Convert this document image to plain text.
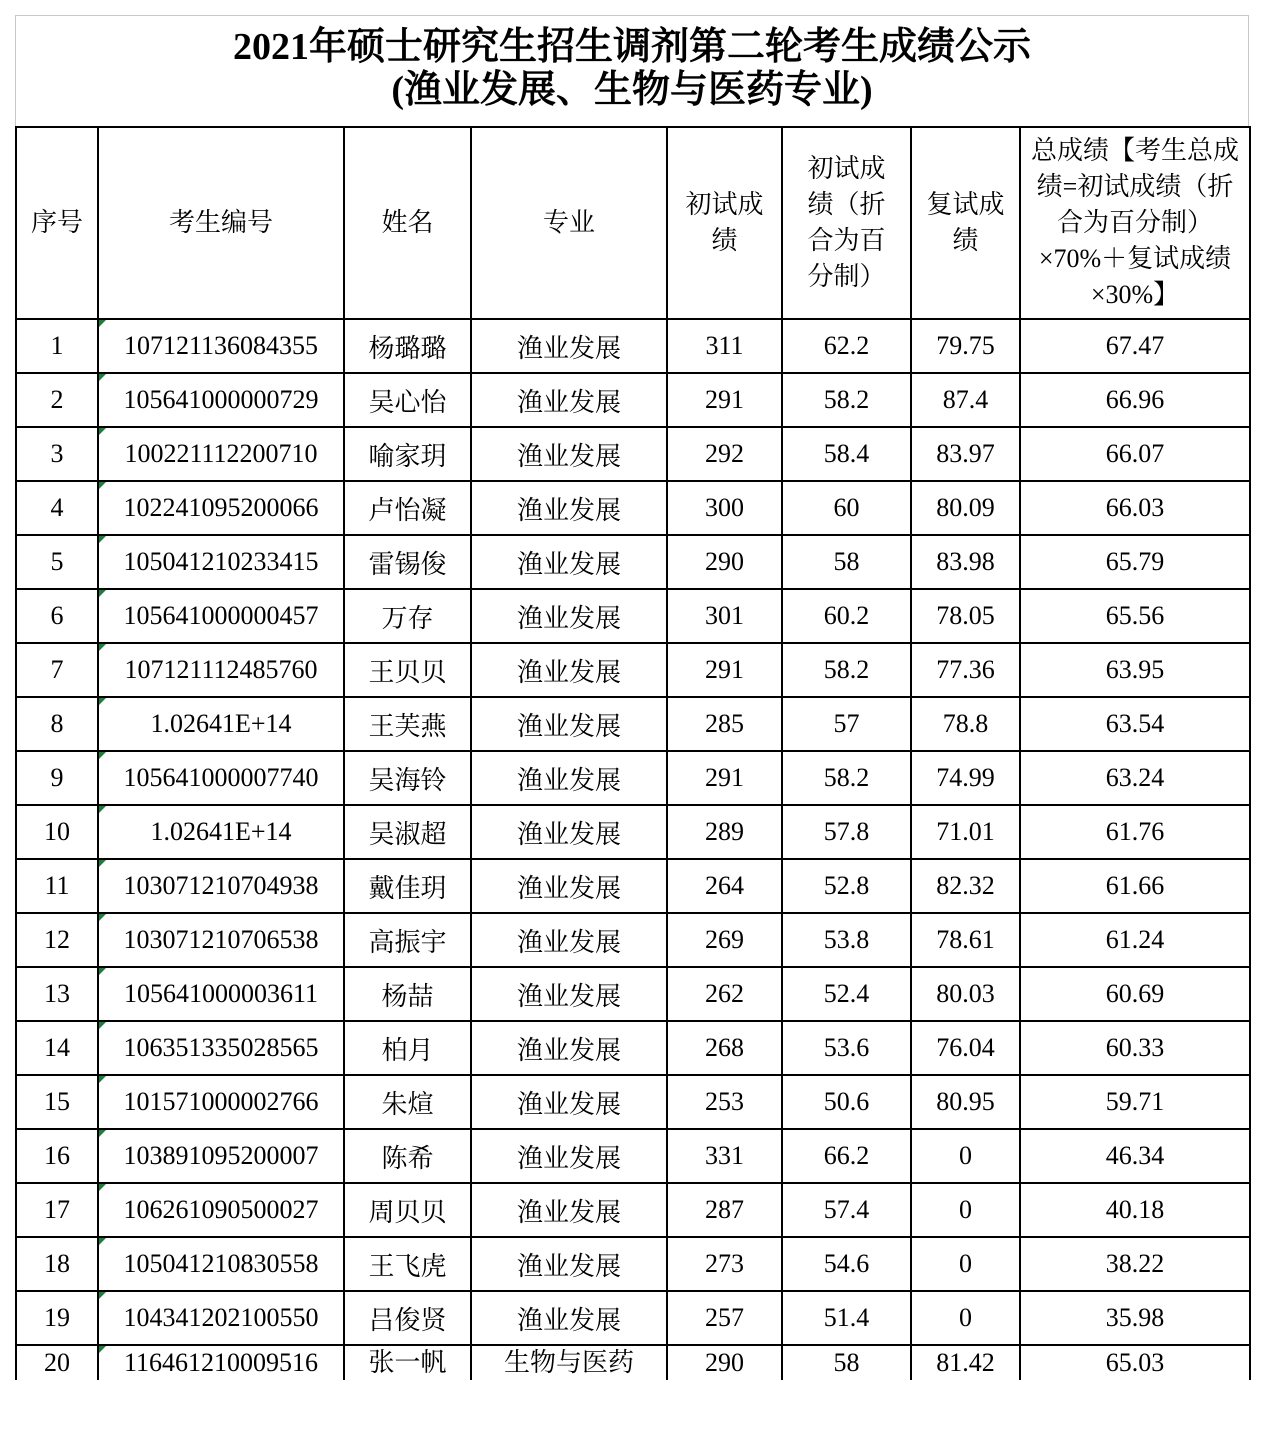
2021年硕士研究生招生调剂第二轮考生成绩公示
(渔业发展、生物与医药专业)
序号	考生编号	姓名	专业	初试成绩	初试成绩（折合为百分制）	复试成绩	总成绩【考生总成绩=初试成绩（折合为百分制）×70%＋复试成绩×30%】
1	107121136084355	杨璐璐	渔业发展	311	62.2	79.75	67.47
2	105641000000729	吴心怡	渔业发展	291	58.2	87.4	66.96
3	100221112200710	喻家玥	渔业发展	292	58.4	83.97	66.07
4	102241095200066	卢怡凝	渔业发展	300	60	80.09	66.03
5	105041210233415	雷锡俊	渔业发展	290	58	83.98	65.79
6	105641000000457	万存	渔业发展	301	60.2	78.05	65.56
7	107121112485760	王贝贝	渔业发展	291	58.2	77.36	63.95
8	1.02641E+14	王芙燕	渔业发展	285	57	78.8	63.54
9	105641000007740	吴海铃	渔业发展	291	58.2	74.99	63.24
10	1.02641E+14	吴淑超	渔业发展	289	57.8	71.01	61.76
11	103071210704938	戴佳玥	渔业发展	264	52.8	82.32	61.66
12	103071210706538	高振宇	渔业发展	269	53.8	78.61	61.24
13	105641000003611	杨喆	渔业发展	262	52.4	80.03	60.69
14	106351335028565	柏月	渔业发展	268	53.6	76.04	60.33
15	101571000002766	朱煊	渔业发展	253	50.6	80.95	59.71
16	103891095200007	陈希	渔业发展	331	66.2	0	46.34
17	106261090500027	周贝贝	渔业发展	287	57.4	0	40.18
18	105041210830558	王飞虎	渔业发展	273	54.6	0	38.22
19	104341202100550	吕俊贤	渔业发展	257	51.4	0	35.98
20	116461210009516	张一帆	生物与医药	290	58	81.42	65.03
